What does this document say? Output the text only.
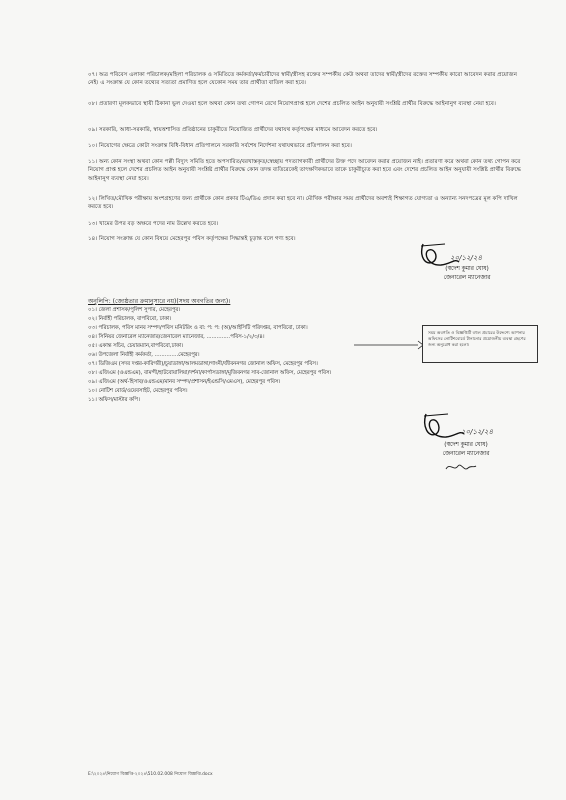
০৭। অত্র পবিবেস এলাকা পরিচালক/মহিলা পরিচালক ও সমিতিতে কর্মকর্তা/কর্মচারীদের স্বামী/স্ত্রীসহ রক্তের সম্পর্কীয় কেউ অথবা তাদের স্বামী/স্ত্রীদের রক্তের সম্পর্কীয় কারো আবেদন করার প্রয়োজন নেই। এ সংক্রান্ত যে কোন তথ্যের সত্যতা প্রমাণিত হলে যেকোন সময় তার প্রার্থীতা বাতিল করা হবে।

০৮। প্রতারণা মূলকভাবে স্থায়ী ঠিকানা ভুল দেওয়া হলে অথবা কোন তথ্য গোপন রেখে নিয়োগপ্রাপ্ত হলে দেশের প্রচলিত আইন অনুযায়ী সংশ্লিষ্ট প্রার্থীর বিরুদ্ধে আইনানুগ ব্যবস্থা নেয়া হবে।

০৯। সরকারি, আধা-সরকারি, স্বায়ত্তশাসিত প্রতিষ্ঠানের চাকুরীতে নিয়োজিত প্রার্থীদের যথাযথ কর্তৃপক্ষের মাধ্যমে আবেদন করতে হবে।

১০। নিয়োগের ক্ষেত্রে কোটা সংক্রান্ত বিধি-বিধান প্রতিপালনে সরকারি সর্বশেষ নির্দেশনা যথাযথভাবে প্রতিপালন করা হবে।

১১। অন্য কোন সংস্থা অথবা কোন পল্লী বিদ্যুৎ সমিতি হতে অপসারিত/বরখাস্তকৃত/স্বেচ্ছায় পদত্যাগকারী প্রার্থীদের উক্ত পদে আবেদন করার প্রয়োজন নাই। প্রতারণা করে অথবা কোন তথ্য গোপন করে নিয়োগ প্রাপ্ত হলে দেশের প্রচলিত আইন অনুযায়ী সংশ্লিষ্ট প্রার্থীর বিরুদ্ধে কোন তদন্ত ব্যতিরেকেই তাৎক্ষণিকভাবে তাকে চাকুরীচ্যুত করা হবে এবং দেশের প্রচলিত আইন অনুযায়ী সংশ্লিষ্ট প্রার্থীর বিরুদ্ধে আইনানুগ ব্যবস্থা নেয়া হবে।

১২। লিখিত/মৌখিক পরীক্ষায় অংশগ্রহণের জন্য প্রার্থীকে কোন প্রকার টিএ/ডিএ প্রদান করা হবে না। মৌখিক পরীক্ষার সময় প্রার্থীদের অবশ্যই শিক্ষাগত যোগ্যতা ও অন্যান্য সনদপত্রের মূল কপি দাখিল করতে হবে।

১৩। খামের উপর বড় অক্ষরে পদের নাম উল্লেখ করতে হবে।

১৪। নিয়োগ সংক্রান্ত যে কোন বিষয়ে মেহেরপুর পবিস কর্তৃপক্ষের সিদ্ধান্তই চূড়ান্ত বলে গণ্য হবে।

২০/১২/২৪
(স্বদেশ কুমার ঘোষ)
জেনারেল ম্যানেজার

অনুলিপি: (জ্যেষ্ঠতার ক্রমানুসারে নয়)(সদয় অবগতির জন্য)।

০১। জেলা প্রশাসক/পুলিশ সুপার, মেহেরপুর।

০২। নির্বাহী পরিচালক, বাপবিবো, ঢাকা।

০৩। পরিচালক, পবিস মানব সম্পদ/পবিস মনিটরিং ও বা: প: প: (অ)/আইসিটি পরিদপ্তর, বাপবিবো, ঢাকা।

০৪। সিনিয়র জেনারেল ম্যানেজার/জেনারেল ম্যানেজার, ..............পবিস-১/২/৩/৪।

০৫। একান্ত সচিব, চেয়ারম্যান,বাপবিবো,ঢাকা।

০৬। উপজেলা নির্বাহী কর্মকর্তা, ..............মেহেরপুর।

০৭। ডিজিএম (সদর দপ্তর-কারিগরী)/চুয়াডাঙ্গা/আলমডাঙ্গা/গাংনী/জীবননগর জোনাল অফিস, মেহেরপুর পবিস।

০৮। এজিএম (ওএন্ডএম), বামন্দী/হাটবোয়ালিয়া/দর্শনা/কার্পাসডাঙ্গা/মুজিবনগর সাব-জোনাল অফিস, মেহেরপুর পবিস।

০৯। এজিএম (অর্থ-হিসাব/ওএন্ডএম/মানব সম্পদ/প্রশাসন/ইএন্ডসি/এমএস), মেহেরপুর পবিস।

১০। নোটিশ বোর্ড/ওয়েবসাইট, মেহেরপুর পবিস।

১১। অফিস/মাস্টার কপি।

সময় অবগতি ও বিজ্ঞপ্তিটি বহুল প্রচারের উদ্দেশ্যে আপনার অফিসের নোটিশবোর্ডে টানানোর প্রয়োজনীয় ব্যবস্থা গ্রহণের জন্য অনুরোধ করা হলো।
২০/১২/২৪
(স্বদেশ কুমার ঘোষ)
জেনারেল ম্যানেজার

E:\২০২৪\নিয়োগ বিজ্ঞপ্তি-২০২৪\510.02.008 নিয়োগ বিজ্ঞপ্তি.docx
